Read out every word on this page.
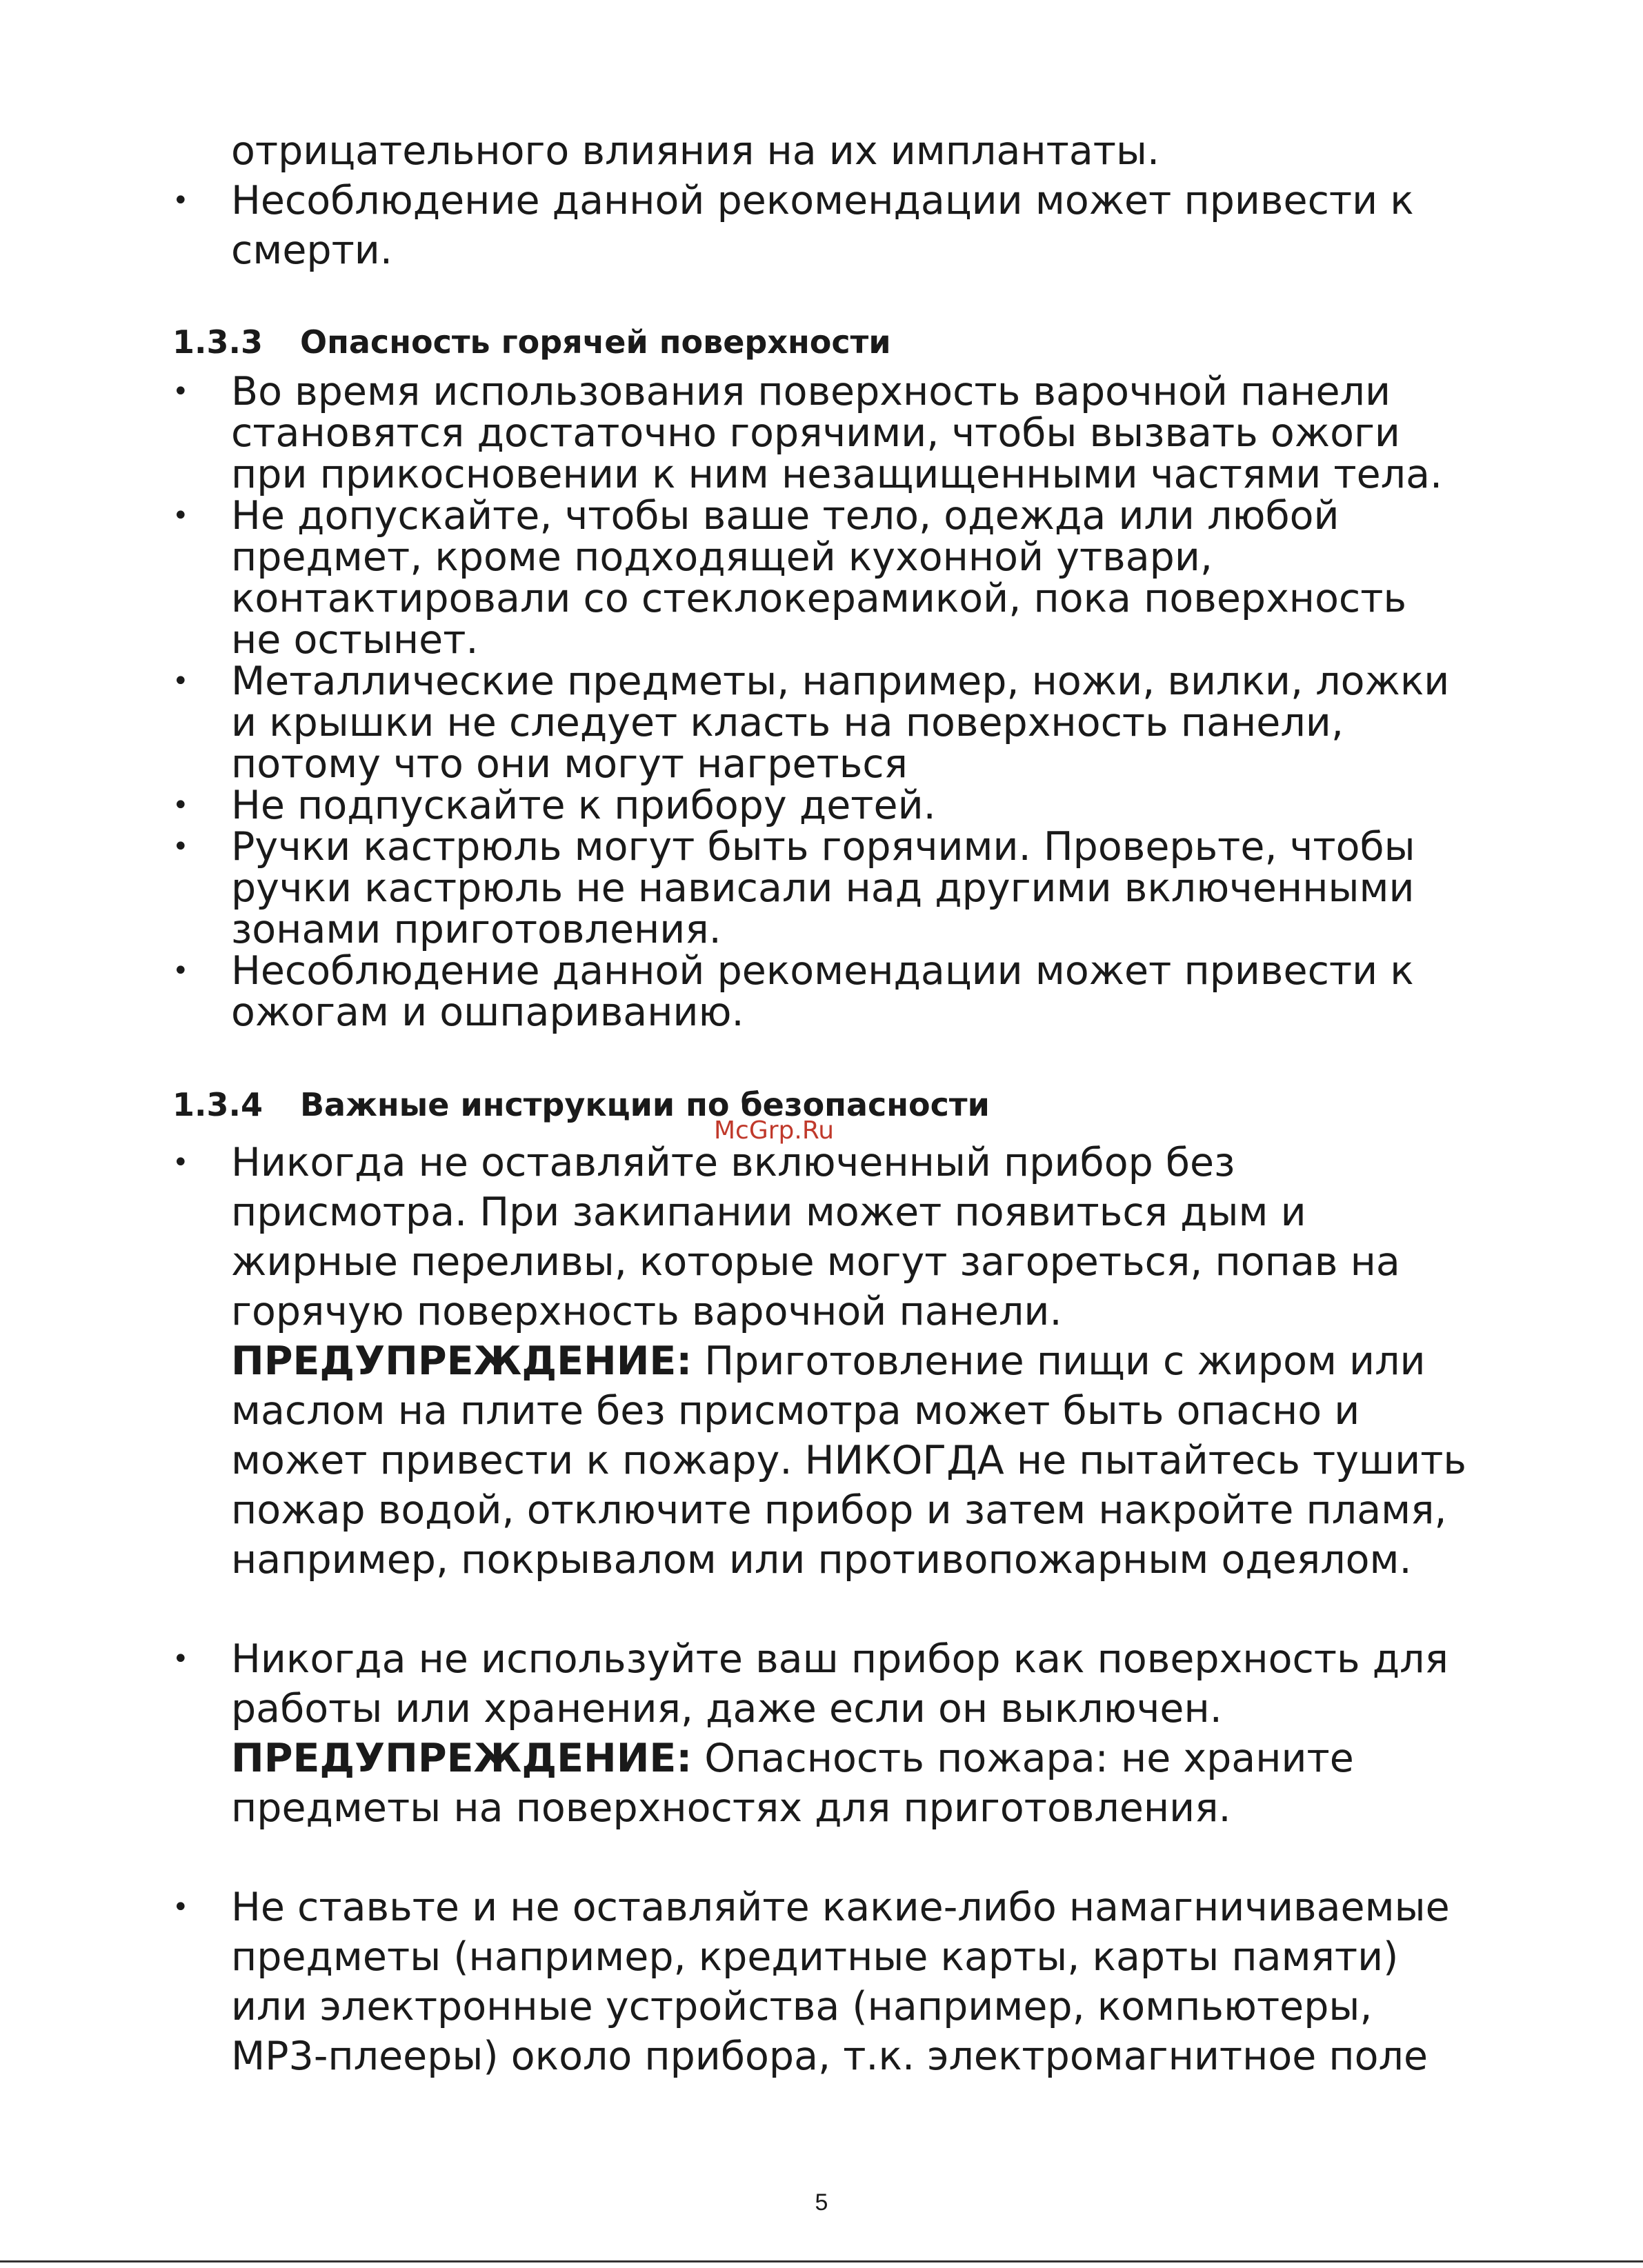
отрицательного влияния на их имплантаты.
• Несоблюдение данной рекомендации может привести к
смерти.
1.3.3 Опасность горячей поверхности
• Во время использования поверхность варочной панели
становятся достаточно горячими, чтобы вызвать ожоги
при прикосновении к ним незащищенными частями тела.
• Не допускайте, чтобы ваше тело, одежда или любой
предмет, кроме подходящей кухонной утвари,
контактировали со стеклокерамикой, пока поверхность
не остынет.
• Металлические предметы, например, ножи, вилки, ложки
и крышки не следует класть на поверхность панели,
потому что они могут нагреться
• Не подпускайте к прибору детей.
• Ручки кастрюль могут быть горячими. Проверьте, чтобы
ручки кастрюль не нависали над другими включенными
зонами приготовления.
• Несоблюдение данной рекомендации может привести к
ожогам и ошпариванию.
1.3.4 Важные инструкции по безопасности
McGrp.Ru
• Никогда не оставляйте включенный прибор без
присмотра. При закипании может появиться дым и
жирные переливы, которые могут загореться, попав на
горячую поверхность варочной панели.
ПРЕДУПРЕЖДЕНИЕ: Приготовление пищи с жиром или
маслом на плите без присмотра может быть опасно и
может привести к пожару. НИКОГДА не пытайтесь тушить
пожар водой, отключите прибор и затем накройте пламя,
например, покрывалом или противопожарным одеялом.
• Никогда не используйте ваш прибор как поверхность для
работы или хранения, даже если он выключен.
ПРЕДУПРЕЖДЕНИЕ: Опасность пожара: не храните
предметы на поверхностях для приготовления.
• Не ставьте и не оставляйте какие-либо намагничиваемые
предметы (например, кредитные карты, карты памяти)
или электронные устройства (например, компьютеры,
MP3-плееры) около прибора, т.к. электромагнитное поле
5
